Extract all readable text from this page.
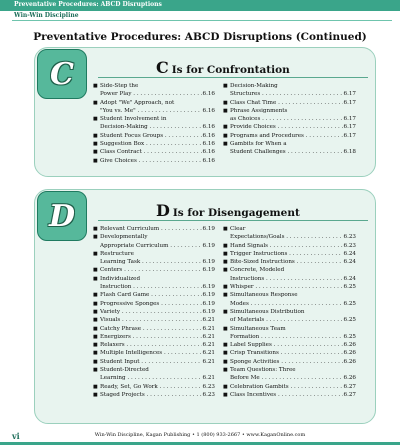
Preventative Procedures: ABCD Disruptions
Win-Win Discipline
Preventative Procedures: ABCD Disruptions (Continued)
C	C Is for Confrontation
■ Side-Step the
Power Play . . .	6.16
■ Adopt "We" Approach, not
"You vs. Me" . . .	6.16
■ Student Involvement in
Decision-Making . . .	6.16
■ Student Focus Groups . . .	6.16
■ Suggestion Box . . .	6.16
■ Class Contract . . .	6.16
■ Give Choices . . .	6.16
■ Decision-Making
Structures . . .	6.17
■ Class Chat Time . . .	6.17
■ Phrase Assignments
as Choices . . .	6.17
■ Provide Choices . . .	6.17
■ Programs and Procedures . . .	6.17
■ Gambits for When a
Student Challenges . . .	6.18
D	D Is for Disengagement
■ Relevant Curriculum . . .	6.19
■ Developmentally
Appropriate Curriculum . . .	6.19
■ Restructure
Learning Task . . .	6.19
■ Centers . . .	6.19
■ Individualized
Instruction . . .	6.19
■ Flash Card Game . . .	6.19
■ Progressive Sponges . . .	6.19
■ Variety . . .	6.19
■ Visuals . . .	6.21
■ Catchy Phrase . . .	6.21
■ Energizers . . .	6.21
■ Relaxers . . .	6.21
■ Multiple Intelligences . . .	6.21
■ Student Input . . .	6.21
■ Student-Directed
Learning . . .	6.21
■ Ready, Set, Go Work . . .	6.23
■ Staged Projects . . .	6.23
■ Clear
Expectations/Goals . . .	6.23
■ Hand Signals . . .	6.23
■ Trigger Instructions . . .	6.24
■ Bite-Sized Instructions . . .	6.24
■ Concrete, Modeled
Instructions . . .	6.24
■ Whisper . . .	6.25
■ Simultaneous Response
Modes . . .	6.25
■ Simultaneous Distribution
of Materials . . .	6.25
■ Simultaneous Team
Formation . . .	6.25
■ Label Supplies . . .	6.26
■ Crisp Transitions . . .	6.26
■ Sponge Activities . . .	6.26
■ Team Questions: Three
Before Me . . .	6.26
■ Celebration Gambits . . .	6.27
■ Class Incentives . . .	6.27
vi	Win-Win Discipline, Kagan Publishing • 1 (800) 933-2667 • www.KaganOnline.com
